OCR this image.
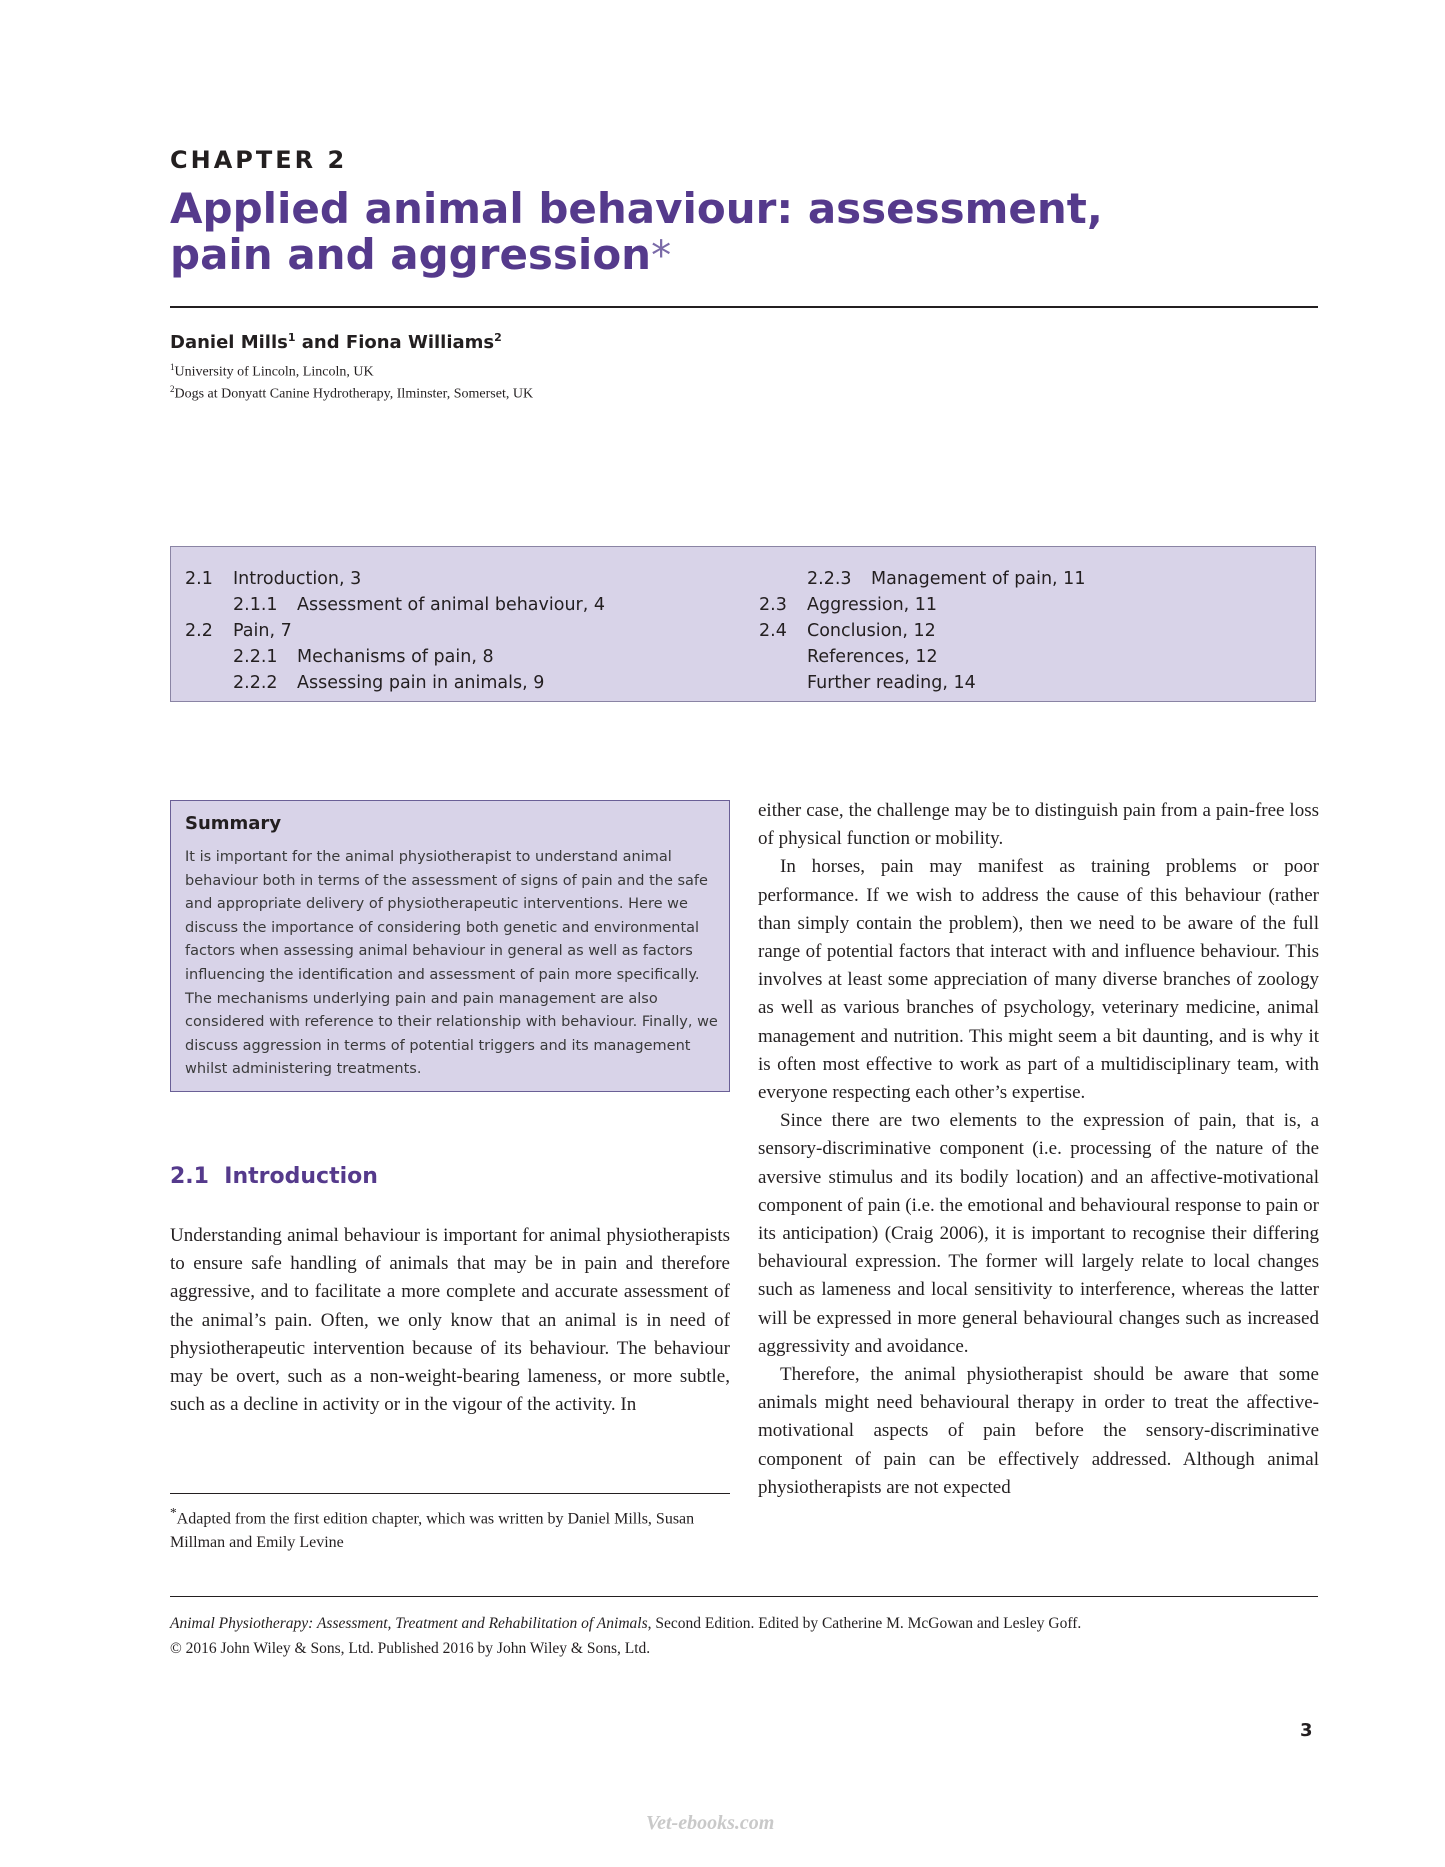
CHAPTER 2
Applied animal behaviour: assessment,
pain and aggression*
Daniel Mills$^1$ and Fiona Williams$^2$
$^1$University of Lincoln, Lincoln, UK
$^2$Dogs at Donyatt Canine Hydrotherapy, Ilminster, Somerset, UK
2.1 Introduction, 3
2.1.1 Assessment of animal behaviour, 4
2.2 Pain, 7
2.2.1 Mechanisms of pain, 8
2.2.2 Assessing pain in animals, 9
2.2.3 Management of pain, 11
2.3 Aggression, 11
2.4 Conclusion, 12
References, 12
Further reading, 14
Summary
It is important for the animal physiotherapist to understand animal behaviour both in terms of the assessment of signs of pain and the safe and appropriate delivery of physiotherapeutic interventions. Here we discuss the importance of considering both genetic and environmental factors when assessing animal behaviour in general as well as factors influencing the identification and assessment of pain more specifically. The mechanisms underlying pain and pain management are also considered with reference to their relationship with behaviour. Finally, we discuss aggression in terms of potential triggers and its management whilst administering treatments.
2.1  Introduction

Understanding animal behaviour is important for animal physiotherapists to ensure safe handling of animals that may be in pain and therefore aggressive, and to facilitate a more complete and accurate assessment of the animal’s pain. Often, we only know that an animal is in need of physiotherapeutic intervention because of its behaviour. The behaviour may be overt, such as a non-weight-bearing lameness, or more subtle, such as a decline in activity or in the vigour of the activity. In

either case, the challenge may be to distinguish pain from a pain-free loss of physical function or mobility.

In horses, pain may manifest as training problems or poor performance. If we wish to address the cause of this behaviour (rather than simply contain the problem), then we need to be aware of the full range of potential factors that interact with and influence behaviour. This involves at least some appreciation of many diverse branches of zoology as well as various branches of psychology, veterinary medicine, animal management and nutrition. This might seem a bit daunting, and is why it is often most effective to work as part of a multidisciplinary team, with everyone respecting each other’s expertise.

Since there are two elements to the expression of pain, that is, a sensory-discriminative component (i.e. processing of the nature of the aversive stimulus and its bodily location) and an affective-motivational component of pain (i.e. the emotional and behavioural response to pain or its anticipation) (Craig 2006), it is important to recognise their differing behavioural expression. The former will largely relate to local changes such as lameness and local sensitivity to interference, whereas the latter will be expressed in more general behavioural changes such as increased aggressivity and avoidance.

Therefore, the animal physiotherapist should be aware that some animals might need behavioural therapy in order to treat the affective-motivational aspects of pain before the sensory-discriminative component of pain can be effectively addressed. Although animal physiotherapists are not expected

*Adapted from the first edition chapter, which was written by Daniel Mills, Susan Millman and Emily Levine
Animal Physiotherapy: Assessment, Treatment and Rehabilitation of Animals, Second Edition. Edited by Catherine M. McGowan and Lesley Goff.
© 2016 John Wiley & Sons, Ltd. Published 2016 by John Wiley & Sons, Ltd.
3
Vet-ebooks.com
